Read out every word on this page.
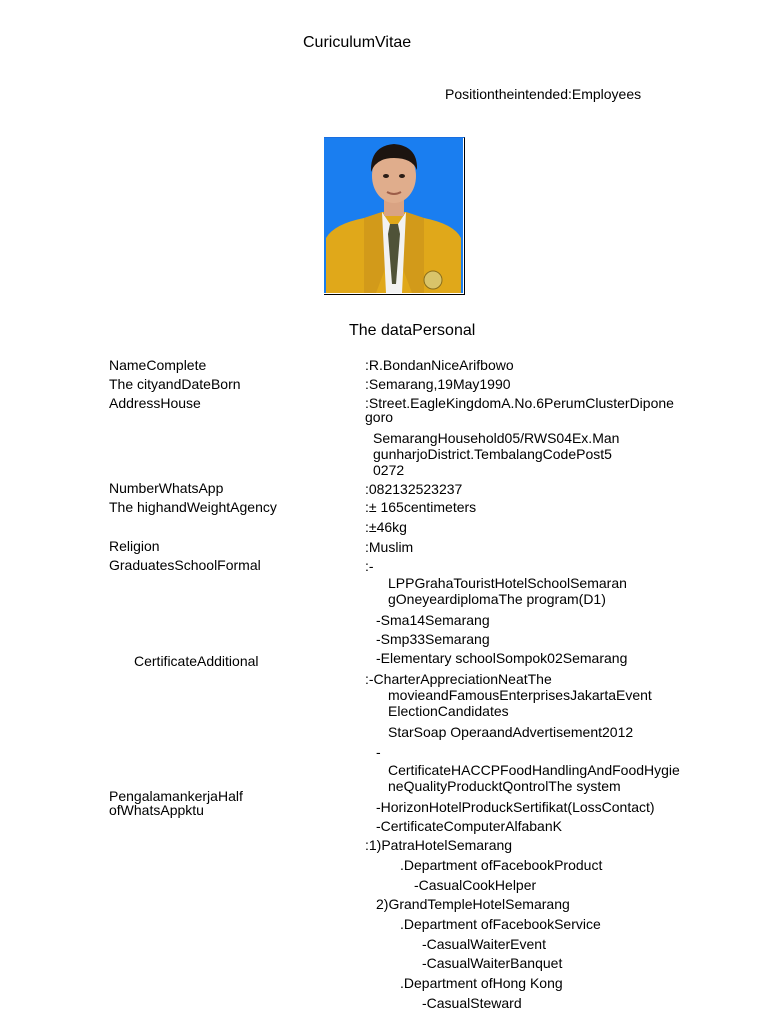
CuriculumVitae
Positiontheintended:Employees
The dataPersonal
NameComplete
The cityandDateBorn
AddressHouse
NumberWhatsApp
The highandWeightAgency
Religion
GraduatesSchoolFormal
CertificateAdditional
PengalamankerjaHalf
ofWhatsAppktu
:R.BondanNiceArifbowo
:Semarang,19May1990
:Street.EagleKingdomA.No.6PerumClusterDipone
goro
SemarangHousehold05/RWS04Ex.Man
gunharjoDistrict.TembalangCodePost5
0272
:082132523237
:± 165centimeters
:±46kg
:Muslim
:-
LPPGrahaTouristHotelSchoolSemaran
gOneyeardiplomaThe program(D1)
-Sma14Semarang
-Smp33Semarang
-Elementary schoolSompok02Semarang
:-CharterAppreciationNeatThe
movieandFamousEnterprisesJakartaEvent
ElectionCandidates
StarSoap OperaandAdvertisement2012
-
CertificateHACCPFoodHandlingAndFoodHygie
neQualityProducktQontrolThe system
-HorizonHotelProduckSertifikat(LossContact)
-CertificateComputerAlfabanK
:1)PatraHotelSemarang
.Department ofFacebookProduct
-CasualCookHelper
2)GrandTempleHotelSemarang
.Department ofFacebookService
-CasualWaiterEvent
-CasualWaiterBanquet
.Department ofHong Kong
-CasualSteward
